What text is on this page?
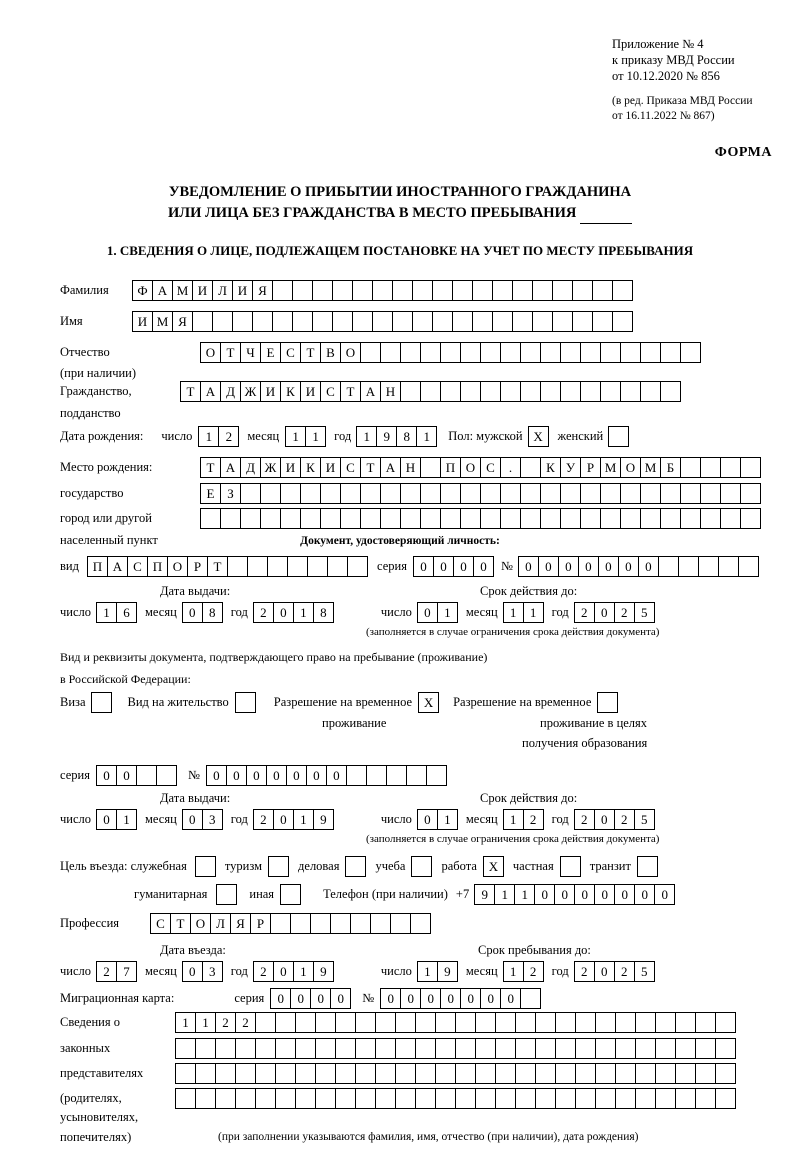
Приложение № 4
к приказу МВД России
от 10.12.2020 № 856
(в ред. Приказа МВД России
от 16.11.2022 № 867)
ФОРМА
УВЕДОМЛЕНИЕ О ПРИБЫТИИ ИНОСТРАННОГО ГРАЖДАНИНА
ИЛИ ЛИЦА БЕЗ ГРАЖДАНСТВА В МЕСТО ПРЕБЫВАНИЯ
1. СВЕДЕНИЯ О ЛИЦЕ, ПОДЛЕЖАЩЕМ ПОСТАНОВКЕ НА УЧЕТ ПО МЕСТУ ПРЕБЫВАНИЯ
Фамилия	Ф А М И Л И Я
Имя	И М Я
Отчество	О Т Ч Е С Т В О
(при наличии)
Гражданство,	Т А Д Ж И К И С Т А Н
подданство
Дата рождения: число	1	2	месяц	1	1	год 1	9	8	1	Пол: мужской Х	женский
Место рождения:	Т А Д Ж И К И С Т А Н	П О С	.	К У Р М О М Б
государство	Е З
город или другой
населенный пункт	Документ, удостоверяющий личность:
вид	П А С П О Р Т	серия	0	0	0	0	№ 0	0	0	0	0	0	0
Дата выдачи:	Срок действия до:
число 1	6	месяц 0	8	год 2	0	1	8	число 0	1	месяц 1	1	год 2	0	2	5
(заполняется в случае ограничения срока действия документа)
Вид и реквизиты документа, подтверждающего право на пребывание (проживание)
в Российской Федерации:
Виза	Вид на жительство	Разрешение на временное Х	Разрешение на временное
проживание	проживание в целях
получения образования
серия	0	0	№	0	0	0	0	0	0	0
Дата выдачи:	Срок действия до:
число 0	1	месяц 0	3	год 2	0	1	9	число 0	1	месяц 1	2	год 2	0	2	5
(заполняется в случае ограничения срока действия документа)
Цель въезда: служебная	туризм	деловая	учеба	работа Х	частная	транзит
гуманитарная	иная	Телефон (при наличии) +7 9	1	1	0	0	0	0	0	0	0
Профессия	С Т О Л Я Р
Дата въезда:	Срок пребывания до:
число 2	7	месяц 0	3	год 2	0	1	9	число 1	9	месяц 1	2	год 2	0	2	5
Миграционная карта:	серия	0	0	0	0	№	0	0	0	0	0	0	0
Сведения о	1	1	2	2
законных
представителях
(родителях,
усыновителях,
попечителях)	(при заполнении указываются фамилия, имя, отчество (при наличии), дата рождения)
